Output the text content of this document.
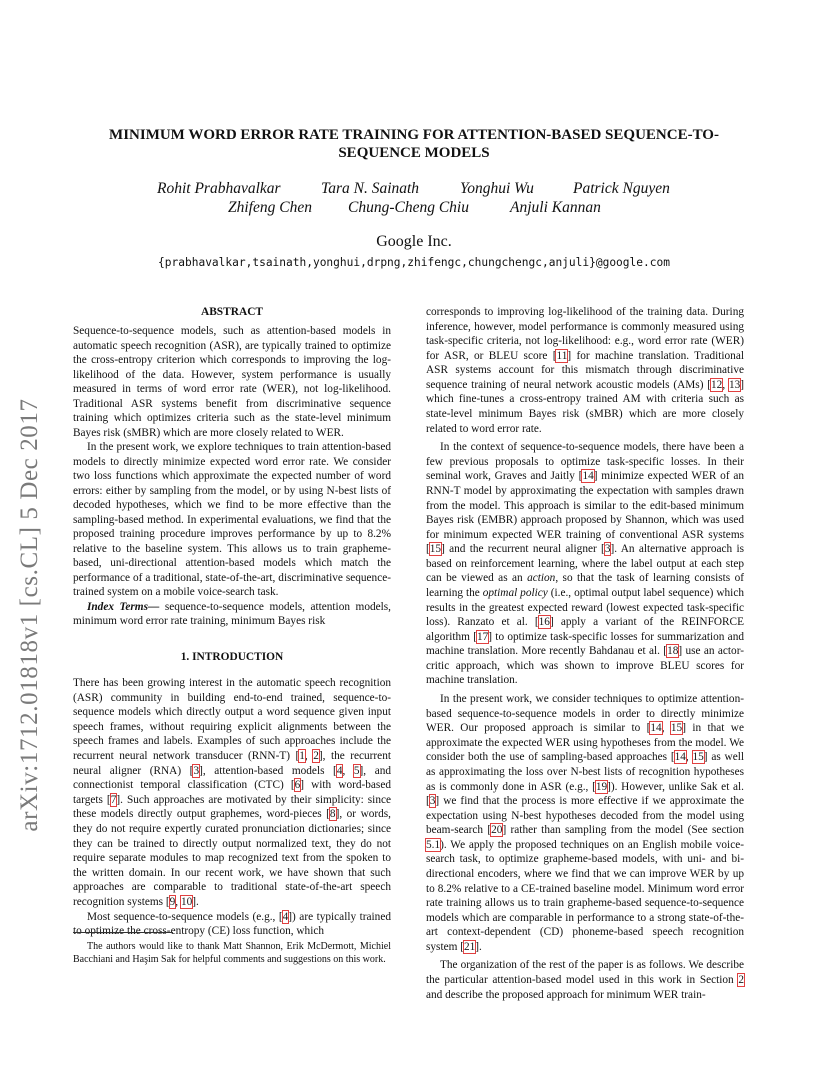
arXiv:1712.01818v1 [cs.CL] 5 Dec 2017
MINIMUM WORD ERROR RATE TRAINING FOR ATTENTION-BASED SEQUENCE-TO-SEQUENCE MODELS
Rohit Prabhavalkar	Tara N. Sainath	Yonghui Wu	Patrick Nguyen
Zhifeng Chen Chung-Cheng Chiu	Anjuli Kannan
Google Inc.
{prabhavalkar,tsainath,yonghui,drpng,zhifengc,chungchengc,anjuli}@google.com
ABSTRACT

Sequence-to-sequence models, such as attention-based models in automatic speech recognition (ASR), are typically trained to optimize the cross-entropy criterion which corresponds to improving the log-likelihood of the data. However, system performance is usually measured in terms of word error rate (WER), not log-likelihood. Traditional ASR systems benefit from discriminative sequence training which optimizes criteria such as the state-level minimum Bayes risk (sMBR) which are more closely related to WER.

In the present work, we explore techniques to train attention-based models to directly minimize expected word error rate. We consider two loss functions which approximate the expected number of word errors: either by sampling from the model, or by using N-best lists of decoded hypotheses, which we find to be more effective than the sampling-based method. In experimental evaluations, we find that the proposed training procedure improves performance by up to 8.2% relative to the baseline system. This allows us to train grapheme-based, uni-directional attention-based models which match the performance of a traditional, state-of-the-art, discriminative sequence-trained system on a mobile voice-search task.

Index Terms— sequence-to-sequence models, attention models, minimum word error rate training, minimum Bayes risk

1. INTRODUCTION

There has been growing interest in the automatic speech recognition (ASR) community in building end-to-end trained, sequence-to-sequence models which directly output a word sequence given input speech frames, without requiring explicit alignments between the speech frames and labels. Examples of such approaches include the recurrent neural network transducer (RNN-T) [1, 2], the recurrent neural aligner (RNA) [3], attention-based models [4, 5], and connectionist temporal classification (CTC) [6] with word-based targets [7]. Such approaches are motivated by their simplicity: since these models directly output graphemes, word-pieces [8], or words, they do not require expertly curated pronunciation dictionaries; since they can be trained to directly output normalized text, they do not require separate modules to map recognized text from the spoken to the written domain. In our recent work, we have shown that such approaches are comparable to traditional state-of-the-art speech recognition systems [9, 10].

Most sequence-to-sequence models (e.g., [4]) are typically trained to optimize the cross-entropy (CE) loss function, which

The authors would like to thank Matt Shannon, Erik McDermott, Michiel Bacchiani and Haşim Sak for helpful comments and suggestions on this work.

corresponds to improving log-likelihood of the training data. During inference, however, model performance is commonly measured using task-specific criteria, not log-likelihood: e.g., word error rate (WER) for ASR, or BLEU score [11] for machine translation. Traditional ASR systems account for this mismatch through discriminative sequence training of neural network acoustic models (AMs) [12, 13] which fine-tunes a cross-entropy trained AM with criteria such as state-level minimum Bayes risk (sMBR) which are more closely related to word error rate.

In the context of sequence-to-sequence models, there have been a few previous proposals to optimize task-specific losses. In their seminal work, Graves and Jaitly [14] minimize expected WER of an RNN-T model by approximating the expectation with samples drawn from the model. This approach is similar to the edit-based minimum Bayes risk (EMBR) approach proposed by Shannon, which was used for minimum expected WER training of conventional ASR systems [15] and the recurrent neural aligner [3]. An alternative approach is based on reinforcement learning, where the label output at each step can be viewed as an action, so that the task of learning consists of learning the optimal policy (i.e., optimal output label sequence) which results in the greatest expected reward (lowest expected task-specific loss). Ranzato et al. [16] apply a variant of the REINFORCE algorithm [17] to optimize task-specific losses for summarization and machine translation. More recently Bahdanau et al. [18] use an actor-critic approach, which was shown to improve BLEU scores for machine translation.

In the present work, we consider techniques to optimize attention-based sequence-to-sequence models in order to directly minimize WER. Our proposed approach is similar to [14, 15] in that we approximate the expected WER using hypotheses from the model. We consider both the use of sampling-based approaches [14, 15] as well as approximating the loss over N-best lists of recognition hypotheses as is commonly done in ASR (e.g., [19]). However, unlike Sak et al. [3] we find that the process is more effective if we approximate the expectation using N-best hypotheses decoded from the model using beam-search [20] rather than sampling from the model (See section 5.1). We apply the proposed techniques on an English mobile voice-search task, to optimize grapheme-based models, with uni- and bi-directional encoders, where we find that we can improve WER by up to 8.2% relative to a CE-trained baseline model. Minimum word error rate training allows us to train grapheme-based sequence-to-sequence models which are comparable in performance to a strong state-of-the-art context-dependent (CD) phoneme-based speech recognition system [21].

The organization of the rest of the paper is as follows. We describe the particular attention-based model used in this work in Section 2 and describe the proposed approach for minimum WER train-
